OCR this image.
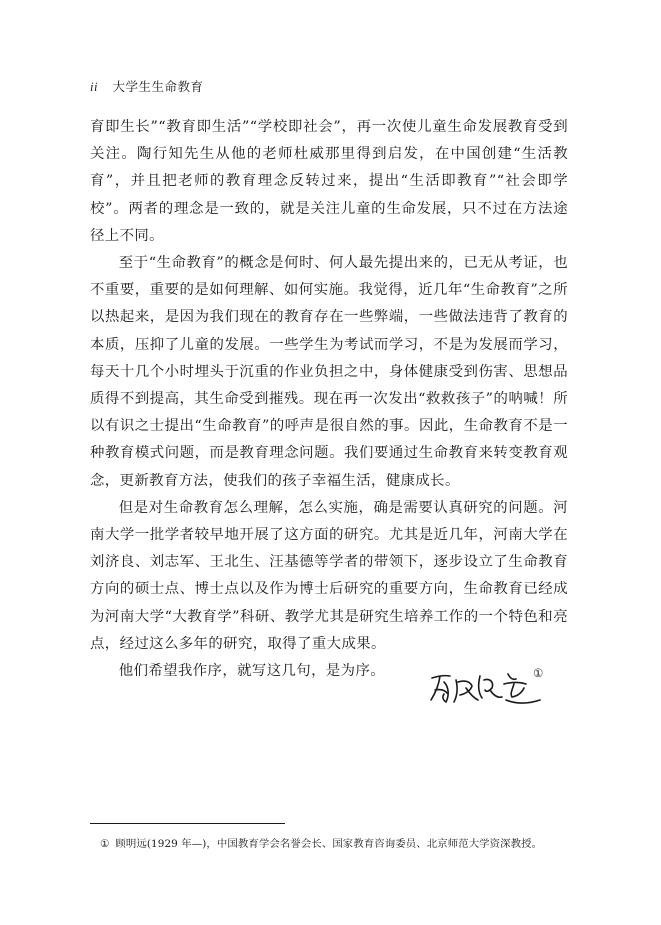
ii 大学生生命教育

育即生长”“教育即生活”“学校即社会”，再一次使儿童生命发展教育受到关注。陶行知先生从他的老师杜威那里得到启发，在中国创建“生活教育”，并且把老师的教育理念反转过来，提出“生活即教育”“社会即学校”。两者的理念是一致的，就是关注儿童的生命发展，只不过在方法途径上不同。

至于“生命教育”的概念是何时、何人最先提出来的，已无从考证，也不重要，重要的是如何理解、如何实施。我觉得，近几年“生命教育”之所以热起来，是因为我们现在的教育存在一些弊端，一些做法违背了教育的本质，压抑了儿童的发展。一些学生为考试而学习，不是为发展而学习，每天十几个小时埋头于沉重的作业负担之中，身体健康受到伤害、思想品质得不到提高，其生命受到摧残。现在再一次发出“救救孩子”的呐喊！所以有识之士提出“生命教育”的呼声是很自然的事。因此，生命教育不是一种教育模式问题，而是教育理念问题。我们要通过生命教育来转变教育观念，更新教育方法，使我们的孩子幸福生活，健康成长。

但是对生命教育怎么理解，怎么实施，确是需要认真研究的问题。河南大学一批学者较早地开展了这方面的研究。尤其是近几年，河南大学在刘济良、刘志军、王北生、汪基德等学者的带领下，逐步设立了生命教育方向的硕士点、博士点以及作为博士后研究的重要方向，生命教育已经成为河南大学“大教育学”科研、教学尤其是研究生培养工作的一个特色和亮点，经过这么多年的研究，取得了重大成果。

他们希望我作序，就写这几句，是为序。	①
① 顾明远(1929 年—)，中国教育学会名誉会长、国家教育咨询委员、北京师范大学资深教授。
